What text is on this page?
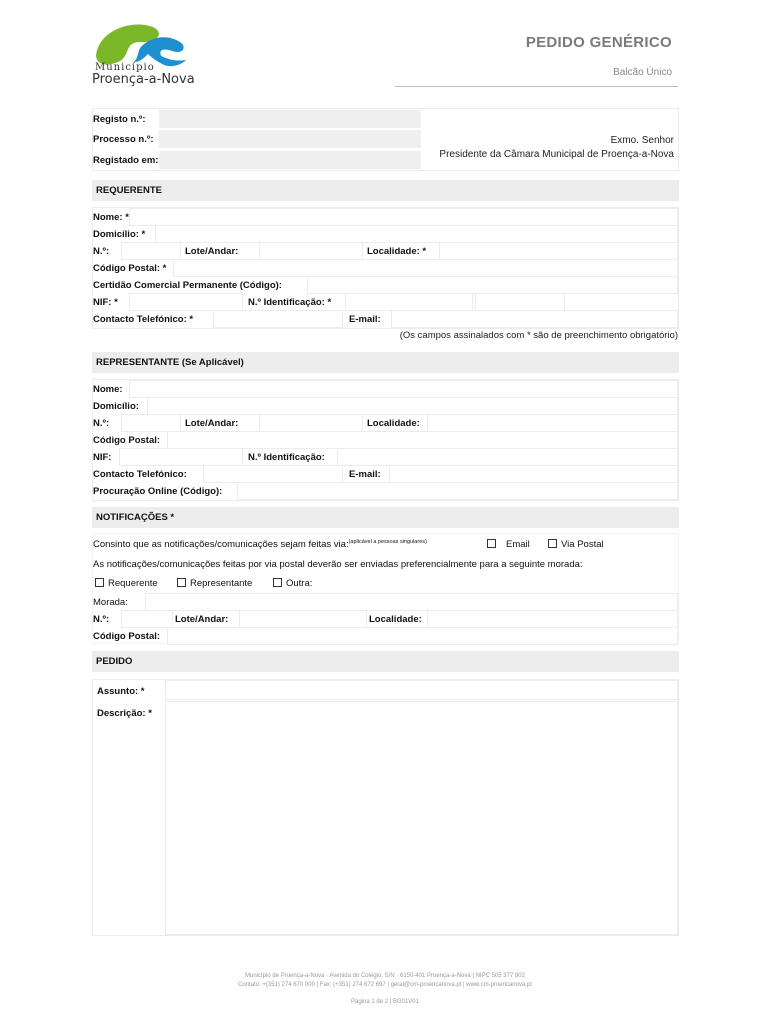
Município
Proença-a-Nova
PEDIDO GENÉRICO
Balcão Único
Registo n.º:
Processo n.º:
Registado em:
Exmo. Senhor
Presidente da Câmara Municipal de Proença-a-Nova
REQUERENTE
Nome: *
Domicílio: *
N.º:	Lote/Andar:	Localidade: *
Código Postal: *
Certidão Comercial Permanente (Código):
NIF: *	N.º Identificação: *
Contacto Telefónico: *	E-mail:
(Os campos assinalados com * são de preenchimento obrigatório)
REPRESENTANTE (Se Aplicável)
Nome:
Domicílio:
N.º:	Lote/Andar:	Localidade:
Código Postal:
NIF:	N.º Identificação:
Contacto Telefónico:	E-mail:
Procuração Online (Código):
NOTIFICAÇÕES *
Consinto que as notificações/comunicações sejam feitas via:$^{(aplicável a pessoas singulares)}$	Email	Via Postal
As notificações/comunicações feitas por via postal deverão ser enviadas preferencialmente para a seguinte morada:
Requerente	Representante	Outra:
Morada:
N.º:	Lote/Andar:	Localidade:
Código Postal:
PEDIDO
Assunto: *
Descrição: *
Município de Proença-a-Nova · Avenida do Colégio, S/N · 6150-401 Proença-a-Nova | NIPC 505 377 802
Contato: +(351) 274 670 000 | Fax: (+351) 274 672 697 | geral@cm-proencanova.pt | www.cm-proencanova.pt
Página 1 de 2 | BG01V01
